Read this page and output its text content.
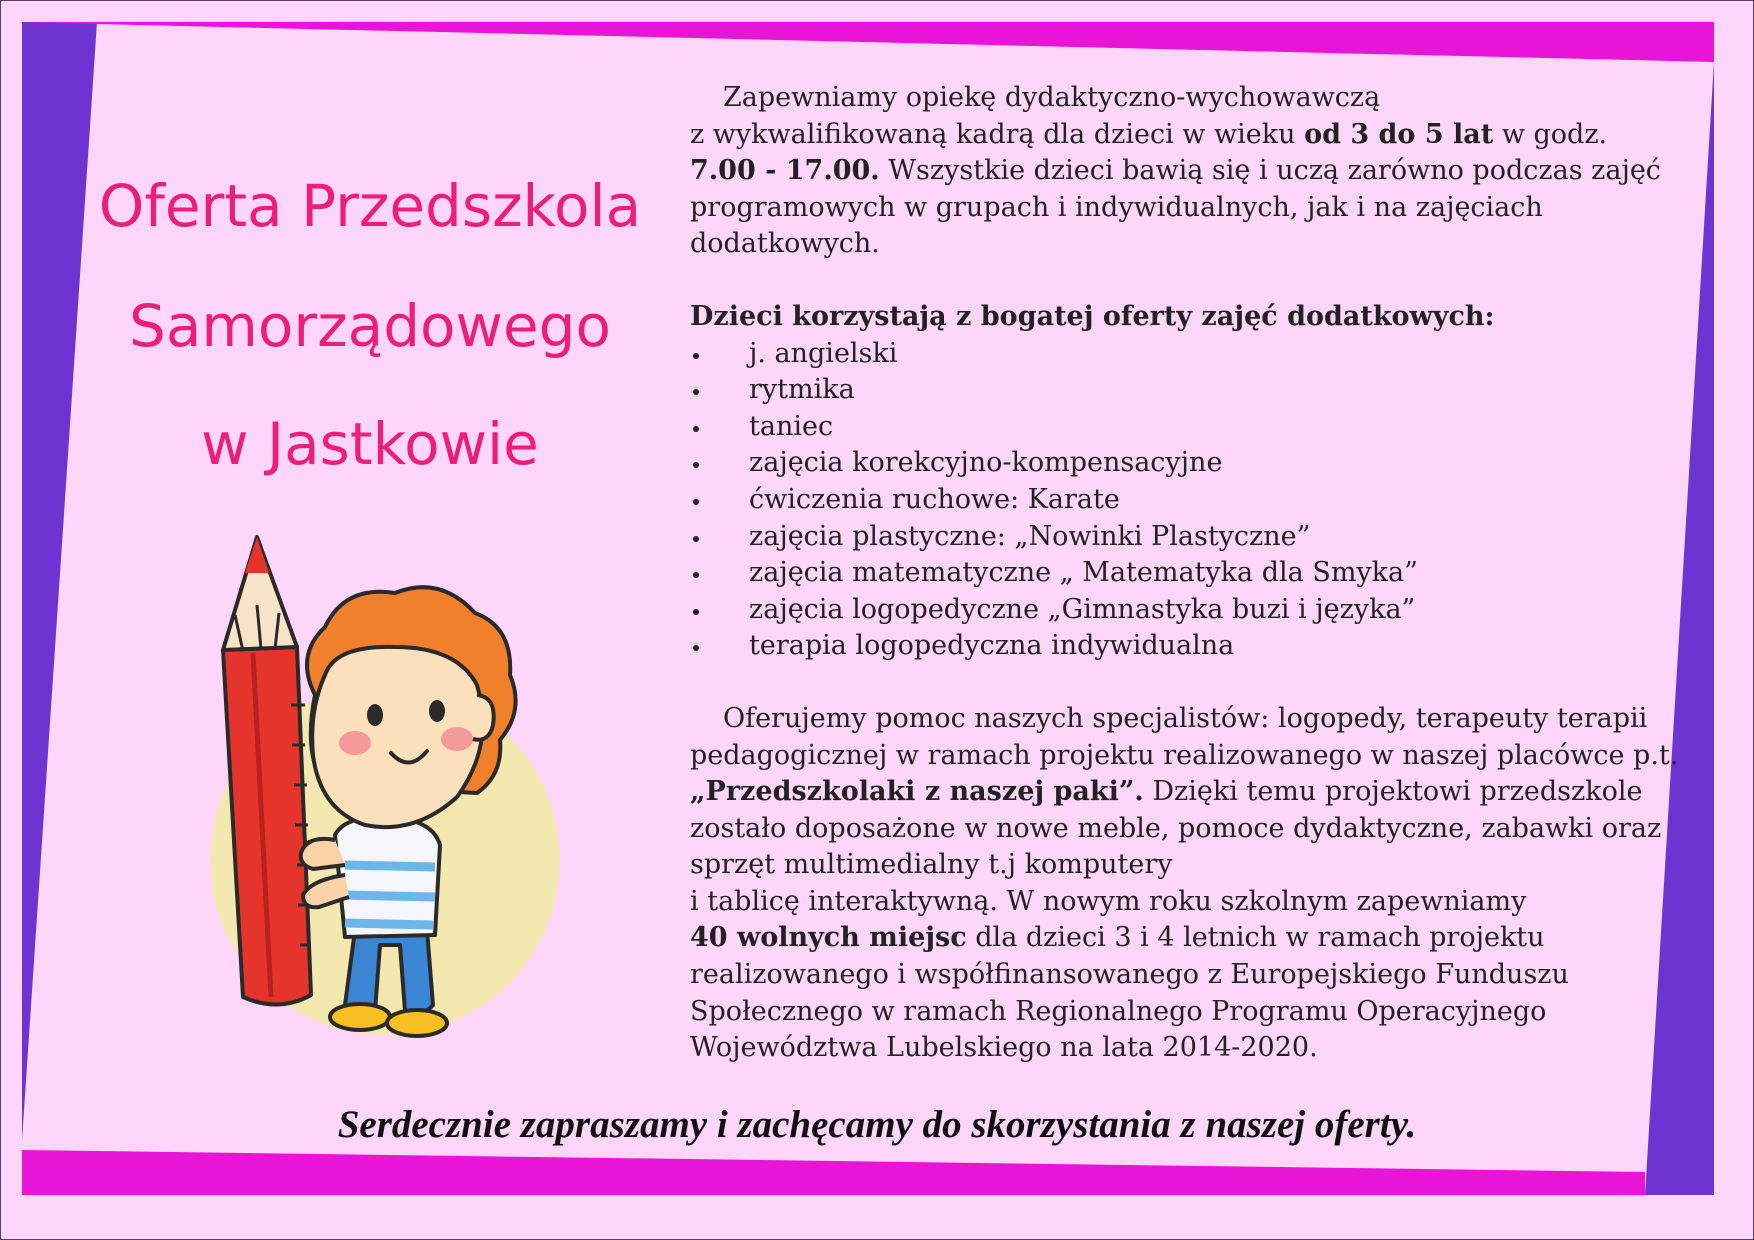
Oferta Przedszkola
Samorządowego
w Jastkowie

Zapewniamy opiekę dydaktyczno-wychowawczą

z wykwalifikowaną kadrą dla dzieci w wieku od 3 do 5 lat w godz.
7.00 - 17.00. Wszystkie dzieci bawią się i uczą zarówno podczas zajęć programowych w grupach i indywidualnych, jak i na zajęciach dodatkowych.

Dzieci korzystają z bogatej oferty zajęć dodatkowych:

j. angielski
rytmika
taniec
zajęcia korekcyjno-kompensacyjne
ćwiczenia ruchowe: Karate
zajęcia plastyczne: „Nowinki Plastyczne”
zajęcia matematyczne „ Matematyka dla Smyka”
zajęcia logopedyczne „Gimnastyka buzi i języka”
terapia logopedyczna indywidualna

Oferujemy pomoc naszych specjalistów: logopedy, terapeuty terapii pedagogicznej w ramach projektu realizowanego w naszej placówce p.t. „Przedszkolaki z naszej paki”. Dzięki temu projektowi przedszkole zostało doposażone w nowe meble, pomoce dydaktyczne, zabawki oraz sprzęt multimedialny t.j komputery

i tablicę interaktywną. W nowym roku szkolnym zapewniamy
40 wolnych miejsc dla dzieci 3 i 4 letnich w ramach projektu realizowanego i współfinansowanego z Europejskiego Funduszu Społecznego w ramach Regionalnego Programu Operacyjnego Województwa Lubelskiego na lata 2014-2020.

Serdecznie zapraszamy i zachęcamy do skorzystania z naszej oferty.
